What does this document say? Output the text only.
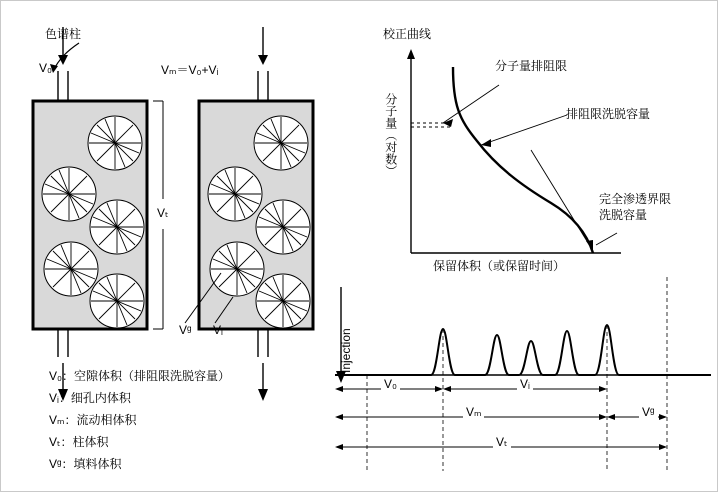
色谱柱
V₀
Vₜ
Vₘ＝V₀+Vᵢ
Vᵍ Vᵢ
V₀：空隙体积（排阻限洗脱容量）
Vᵢ：细孔内体积
Vₘ：流动相体积
Vₜ：柱体积
Vᵍ：填料体积
校正曲线
分子量（对数）
保留体积（或保留时间）
分子量排阻限
排阻限洗脱容量
完全渗透界限
洗脱容量
Injection
V₀	Vᵢ
Vₘ	Vᵍ
Vₜ
